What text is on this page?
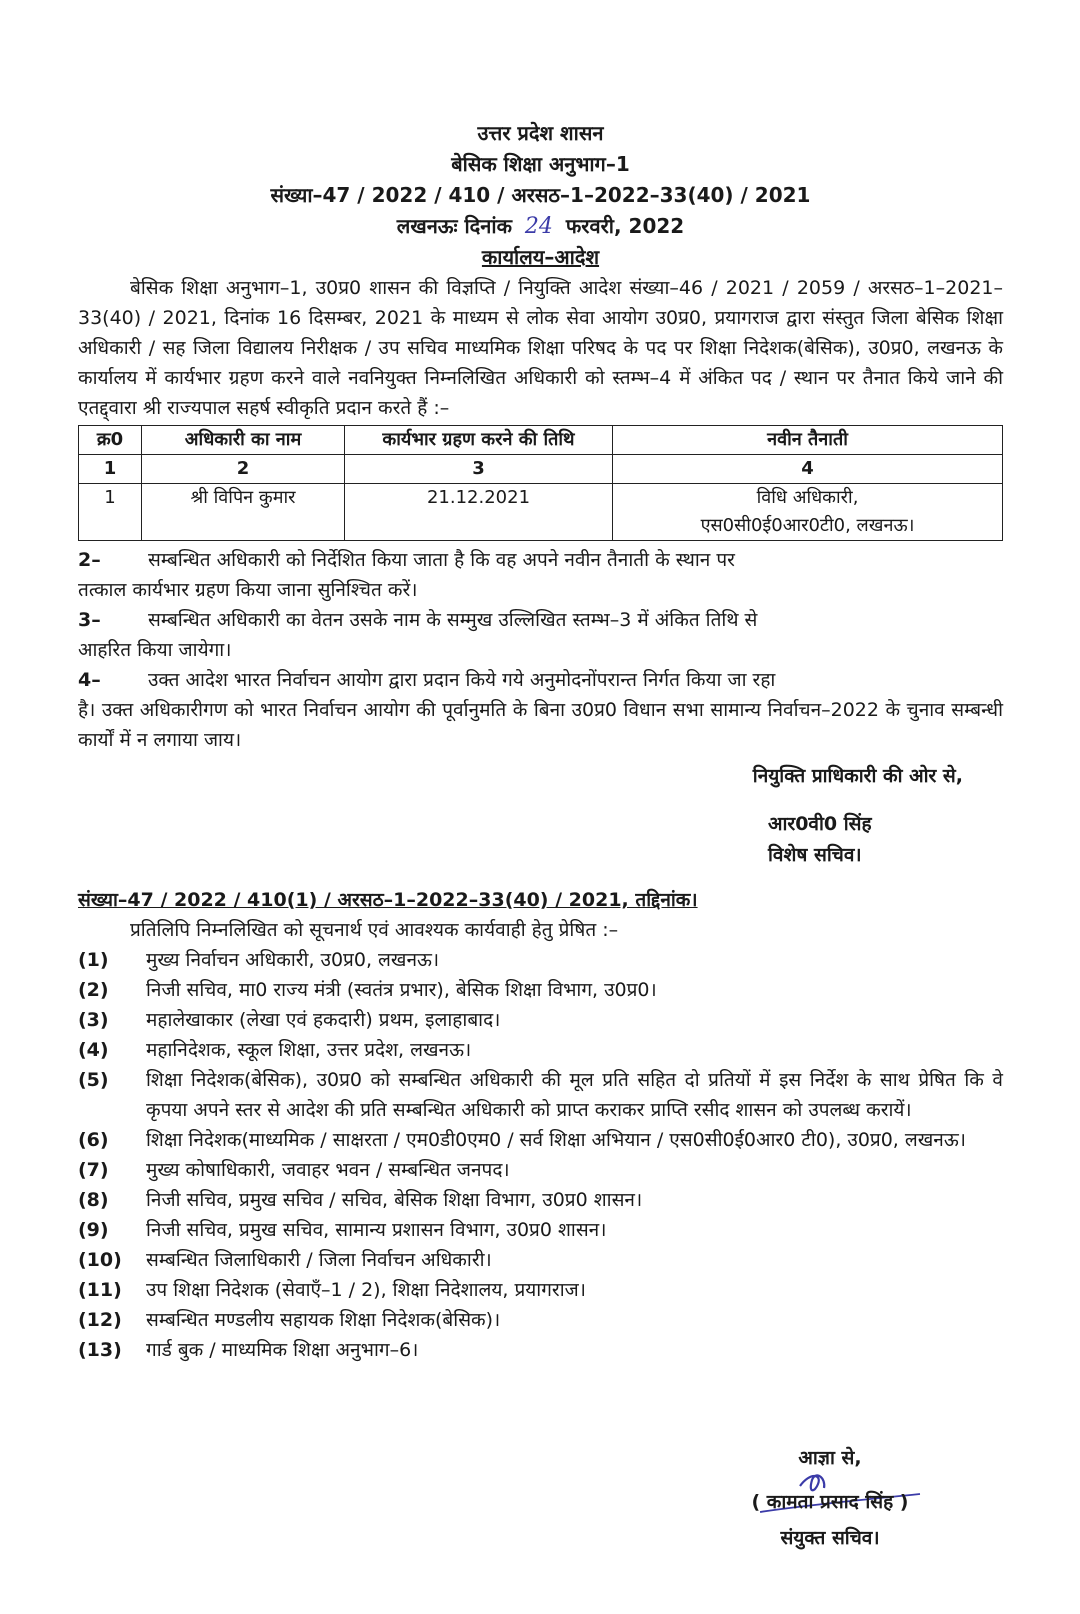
उत्तर प्रदेश शासन
बेसिक शिक्षा अनुभाग–1
संख्या–47 / 2022 / 410 / अरसठ–1–2022–33(40) / 2021
लखनऊः दिनांक 24 फरवरी, 2022
कार्यालय–आदेश
बेसिक शिक्षा अनुभाग–1, उ0प्र0 शासन की विज्ञप्ति / नियुक्ति आदेश संख्या–46 / 2021 / 2059 / अरसठ–1–2021–33(40) / 2021, दिनांक 16 दिसम्बर, 2021 के माध्यम से लोक सेवा आयोग उ0प्र0, प्रयागराज द्वारा संस्तुत जिला बेसिक शिक्षा अधिकारी / सह जिला विद्यालय निरीक्षक / उप सचिव माध्यमिक शिक्षा परिषद के पद पर शिक्षा निदेशक(बेसिक), उ0प्र0, लखनऊ के कार्यालय में कार्यभार ग्रहण करने वाले नवनियुक्त निम्नलिखित अधिकारी को स्तम्भ–4 में अंकित पद / स्थान पर तैनात किये जाने की एतद्द्वारा श्री राज्यपाल सहर्ष स्वीकृति प्रदान करते हैं :–
क्र0	अधिकारी का नाम	कार्यभार ग्रहण करने की तिथि	नवीन तैनाती
1	2	3	4
1	श्री विपिन कुमार	21.12.2021	विधि अधिकारी,
एस0सी0ई0आर0टी0, लखनऊ।
2–	सम्बन्धित अधिकारी को निर्देशित किया जाता है कि वह अपने नवीन तैनाती के स्थान पर
तत्काल कार्यभार ग्रहण किया जाना सुनिश्चित करें।
3–	सम्बन्धित अधिकारी का वेतन उसके नाम के सम्मुख उल्लिखित स्तम्भ–3 में अंकित तिथि से
आहरित किया जायेगा।
4–	उक्त आदेश भारत निर्वाचन आयोग द्वारा प्रदान किये गये अनुमोदनोंपरान्त निर्गत किया जा रहा
है। उक्त अधिकारीगण को भारत निर्वाचन आयोग की पूर्वानुमति के बिना उ0प्र0 विधान सभा सामान्य निर्वाचन–2022 के चुनाव सम्बन्धी कार्यों में न लगाया जाय।
नियुक्ति प्राधिकारी की ओर से,
आर0वी0 सिंह
विशेष सचिव।
संख्या–47 / 2022 / 410(1) / अरसठ–1–2022–33(40) / 2021, तद्दिनांक।
प्रतिलिपि निम्नलिखित को सूचनार्थ एवं आवश्यक कार्यवाही हेतु प्रेषित :–
(1)	मुख्य निर्वाचन अधिकारी, उ0प्र0, लखनऊ।
(2)	निजी सचिव, मा0 राज्य मंत्री (स्वतंत्र प्रभार), बेसिक शिक्षा विभाग, उ0प्र0।
(3)	महालेखाकार (लेखा एवं हकदारी) प्रथम, इलाहाबाद।
(4)	महानिदेशक, स्कूल शिक्षा, उत्तर प्रदेश, लखनऊ।
(5)	शिक्षा निदेशक(बेसिक), उ0प्र0 को सम्बन्धित अधिकारी की मूल प्रति सहित दो प्रतियों में इस निर्देश के साथ प्रेषित कि वे कृपया अपने स्तर से आदेश की प्रति सम्बन्धित अधिकारी को प्राप्त कराकर प्राप्ति रसीद शासन को उपलब्ध करायें।
(6)	शिक्षा निदेशक(माध्यमिक / साक्षरता / एम0डी0एम0 / सर्व शिक्षा अभियान / एस0सी0ई0आर0 टी0), उ0प्र0, लखनऊ।
(7)	मुख्य कोषाधिकारी, जवाहर भवन / सम्बन्धित जनपद।
(8)	निजी सचिव, प्रमुख सचिव / सचिव, बेसिक शिक्षा विभाग, उ0प्र0 शासन।
(9)	निजी सचिव, प्रमुख सचिव, सामान्य प्रशासन विभाग, उ0प्र0 शासन।
(10)	सम्बन्धित जिलाधिकारी / जिला निर्वाचन अधिकारी।
(11)	उप शिक्षा निदेशक (सेवाएँ–1 / 2), शिक्षा निदेशालय, प्रयागराज।
(12)	सम्बन्धित मण्डलीय सहायक शिक्षा निदेशक(बेसिक)।
(13)	गार्ड बुक / माध्यमिक शिक्षा अनुभाग–6।
आज्ञा से,
( कामता प्रसाद सिंह )
संयुक्त सचिव।
